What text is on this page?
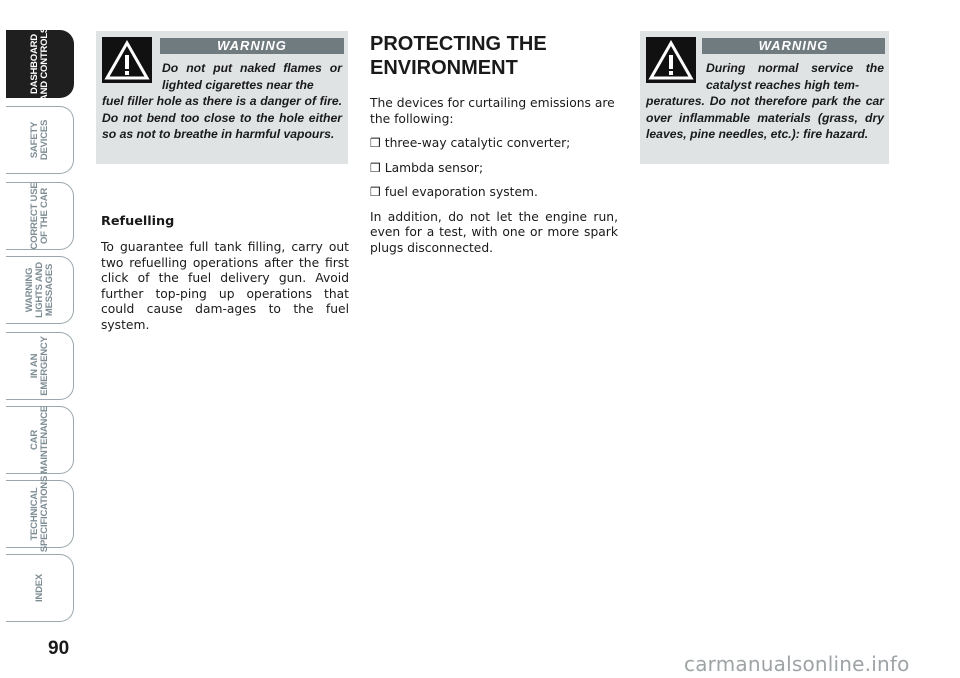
DASHBOARD
AND CONTROLS
SAFETY
DEVICES
CORRECT USE
OF THE CAR
WARNING
LIGHTS AND
MESSAGES
IN AN
EMERGENCY
CAR
MAINTENANCE
TECHNICAL
SPECIFICATIONS
INDEX
90
WARNING
Do not put naked flames or lighted cigarettes near the
fuel filler hole as there is a danger of fire. Do not bend too close to the hole either so as not to breathe in harmful vapours.
Refuelling
To guarantee full tank filling, carry out two refuelling operations after the first click of the fuel delivery gun. Avoid further top-ping up operations that could cause dam-ages to the fuel system.
PROTECTING THE ENVIRONMENT
The devices for curtailing emissions are the following:
❒ three-way catalytic converter;
❒ Lambda sensor;
❒ fuel evaporation system.
In addition, do not let the engine run, even for a test, with one or more spark plugs disconnected.
WARNING
During normal service the catalyst reaches high tem-
peratures. Do not therefore park the car over inflammable materials (grass, dry leaves, pine needles, etc.): fire hazard.
carmanualsonline.info
